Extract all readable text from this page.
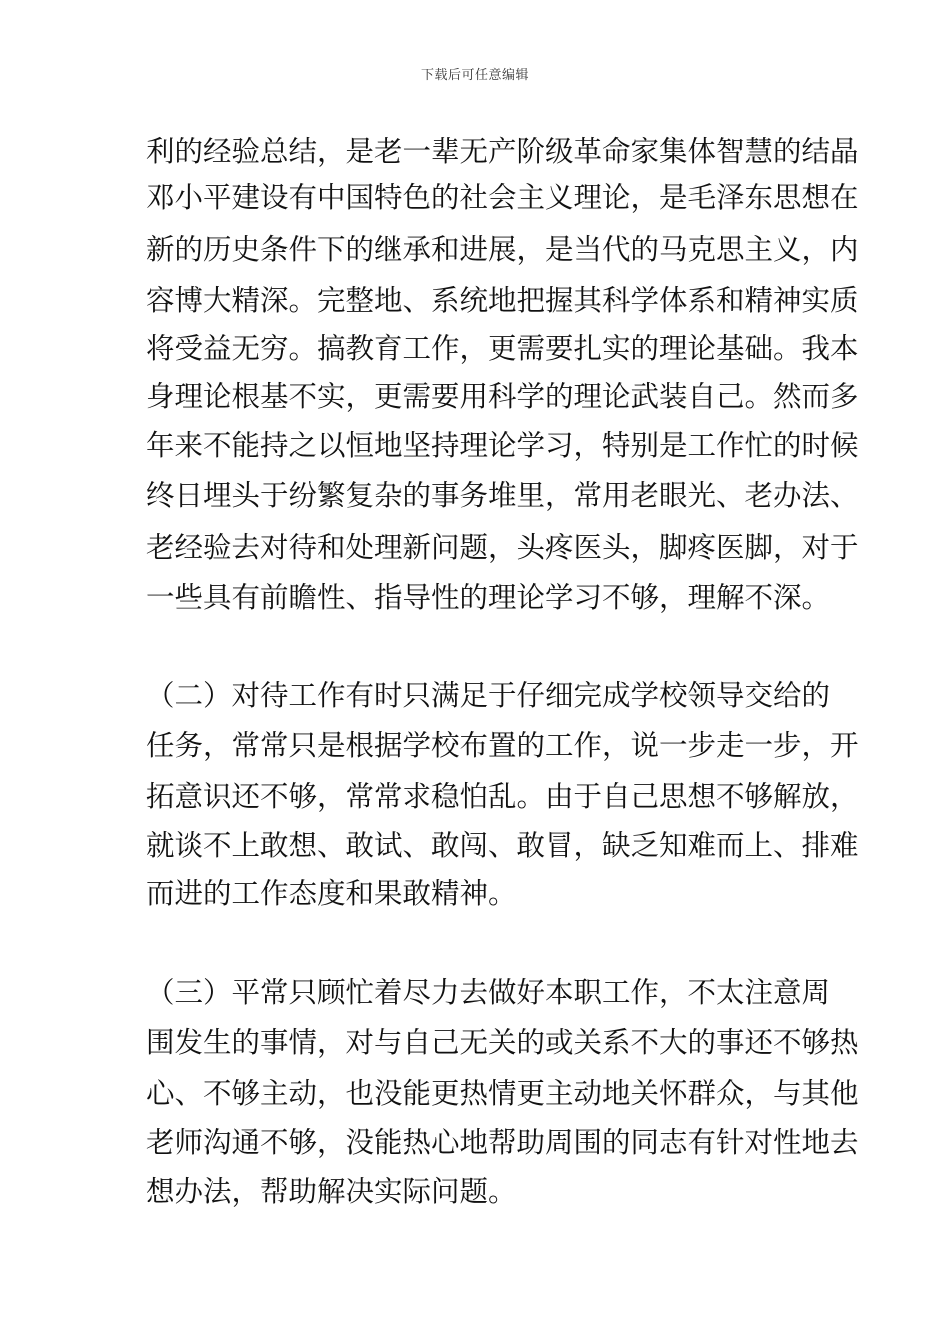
下载后可任意编辑
利的经验总结，是老一辈无产阶级革命家集体智慧的结晶
邓小平建设有中国特色的社会主义理论，是毛泽东思想在
新的历史条件下的继承和进展，是当代的马克思主义，内
容博大精深。完整地、系统地把握其科学体系和精神实质
将受益无穷。搞教育工作，更需要扎实的理论基础。我本
身理论根基不实，更需要用科学的理论武装自己。然而多
年来不能持之以恒地坚持理论学习，特别是工作忙的时候
终日埋头于纷繁复杂的事务堆里，常用老眼光、老办法、
老经验去对待和处理新问题，头疼医头，脚疼医脚，对于
一些具有前瞻性、指导性的理论学习不够，理解不深。
（二）对待工作有时只满足于仔细完成学校领导交给的
任务，常常只是根据学校布置的工作，说一步走一步，开
拓意识还不够，常常求稳怕乱。由于自己思想不够解放，
就谈不上敢想、敢试、敢闯、敢冒，缺乏知难而上、排难
而进的工作态度和果敢精神。
（三）平常只顾忙着尽力去做好本职工作，不太注意周
围发生的事情，对与自己无关的或关系不大的事还不够热
心、不够主动，也没能更热情更主动地关怀群众，与其他
老师沟通不够，没能热心地帮助周围的同志有针对性地去
想办法，帮助解决实际问题。
